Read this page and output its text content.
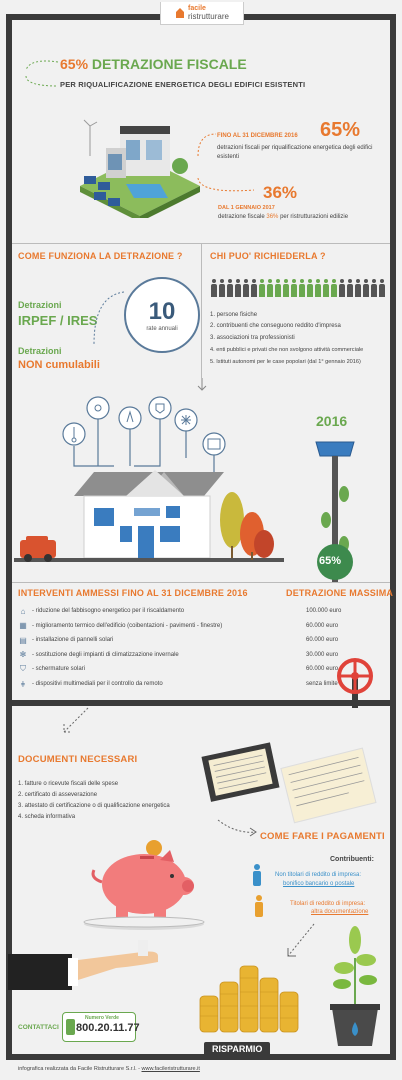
facile
ristrutturare
65% DETRAZIONE FISCALE
PER RIQUALIFICAZIONE ENERGETICA DEGLI EDIFICI ESISTENTI
FINO AL 31 DICEMBRE 2016 65%
detrazioni fiscali per riqualificazione energetica degli edifici esistenti
36%
DAL 1 GENNAIO 2017
detrazione fiscale 36% per ristrutturazioni edilizie
COME FUNZIONA LA DETRAZIONE ?
Detrazioni
IRPEF / IRES
Detrazioni
NON cumulabili
10
rate annuali
CHI PUO' RICHIEDERLA ?
1. persone fisiche
2. contribuenti che conseguono reddito d'impresa
3. associazioni tra professionisti
4. enti pubblici e privati che non svolgono attività commerciale
5. Istituti autonomi per le case popolari (dal 1° gennaio 2016)
2016
65%
INTERVENTI AMMESSI FINO AL 31 DICEMBRE 2016	DETRAZIONE MASSIMA
⌂	- riduzione del fabbisogno energetico per il riscaldamento	100.000 euro
▦ - miglioramento termico dell'edificio (coibentazioni - pavimenti - finestre)	60.000 euro
▤ - installazione di pannelli solari	60.000 euro
✻ - sostituzione degli impianti di climatizzazione invernale	30.000 euro
⛉	- schermature solari	60.000 euro
ǂ	- dispositivi multimediali per il controllo da remoto	senza limite
DOCUMENTI NECESSARI
1. fatture o ricevute fiscali delle spese
2. certificato di asseverazione
3. attestato di certificazione o di qualificazione energetica
4. scheda informativa
COME FARE I PAGAMENTI
Contribuenti:
Non titolari di reddito di impresa:
bonifico bancario o postale
Titolari di reddito di impresa:
altra documentazione
CONTATTACI
Numero Verde
800.20.11.77
RISPARMIO
infografica realizzata da Facile Ristrutturare S.r.l. - www.facileristrutturare.it
